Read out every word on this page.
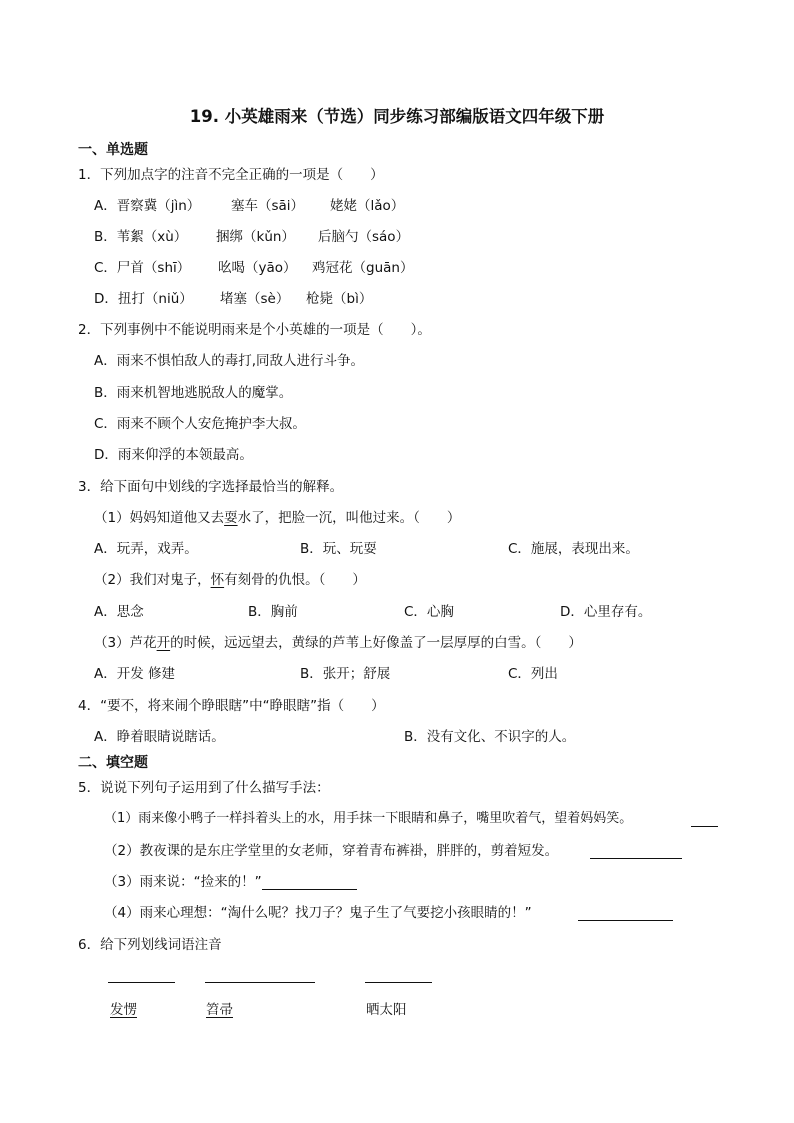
19. 小英雄雨来（节选）同步练习部编版语文四年级下册
一、单选题
1．下列加点字的注音不完全正确的一项是（　　）
A．晋察冀（jìn） 塞车（sāi） 姥姥（lǎo）
B．苇絮（xù） 捆绑（kǔn） 后脑勺（sáo）
C．尸首（shī） 吆喝（yāo） 鸡冠花（guān）
D．扭打（niǔ） 堵塞（sè） 枪毙（bì）
2．下列事例中不能说明雨来是个小英雄的一项是（　　）。
A．雨来不惧怕敌人的毒打,同敌人进行斗争。
B．雨来机智地逃脱敌人的魔掌。
C．雨来不顾个人安危掩护李大叔。
D．雨来仰浮的本领最高。
3．给下面句中划线的字选择最恰当的解释。
（1）妈妈知道他又去耍水了，把脸一沉，叫他过来。（　　）
A．玩弄，戏弄。	B．玩、玩耍	C．施展，表现出来。
（2）我们对鬼子，怀有刻骨的仇恨。（　　）
A．思念	B．胸前	C．心胸	D．心里存有。
（3）芦花开的时候，远远望去，黄绿的芦苇上好像盖了一层厚厚的白雪。（　　）
A．开发 修建	B．张开；舒展	C．列出
4．“要不，将来闹个睁眼瞎”中“睁眼瞎”指（　　）
A．睁着眼睛说瞎话。	B．没有文化、不识字的人。
二、填空题
5．说说下列句子运用到了什么描写手法：
（1）雨来像小鸭子一样抖着头上的水，用手抹一下眼睛和鼻子，嘴里吹着气，望着妈妈笑。
（2）教夜课的是东庄学堂里的女老师，穿着青布裤褂，胖胖的，剪着短发。
（3）雨来说：“捡来的！”
（4）雨来心理想：“淘什么呢？找刀子？鬼子生了气要挖小孩眼睛的！”
6．给下列划线词语注音
发愣	笤帚	晒太阳
